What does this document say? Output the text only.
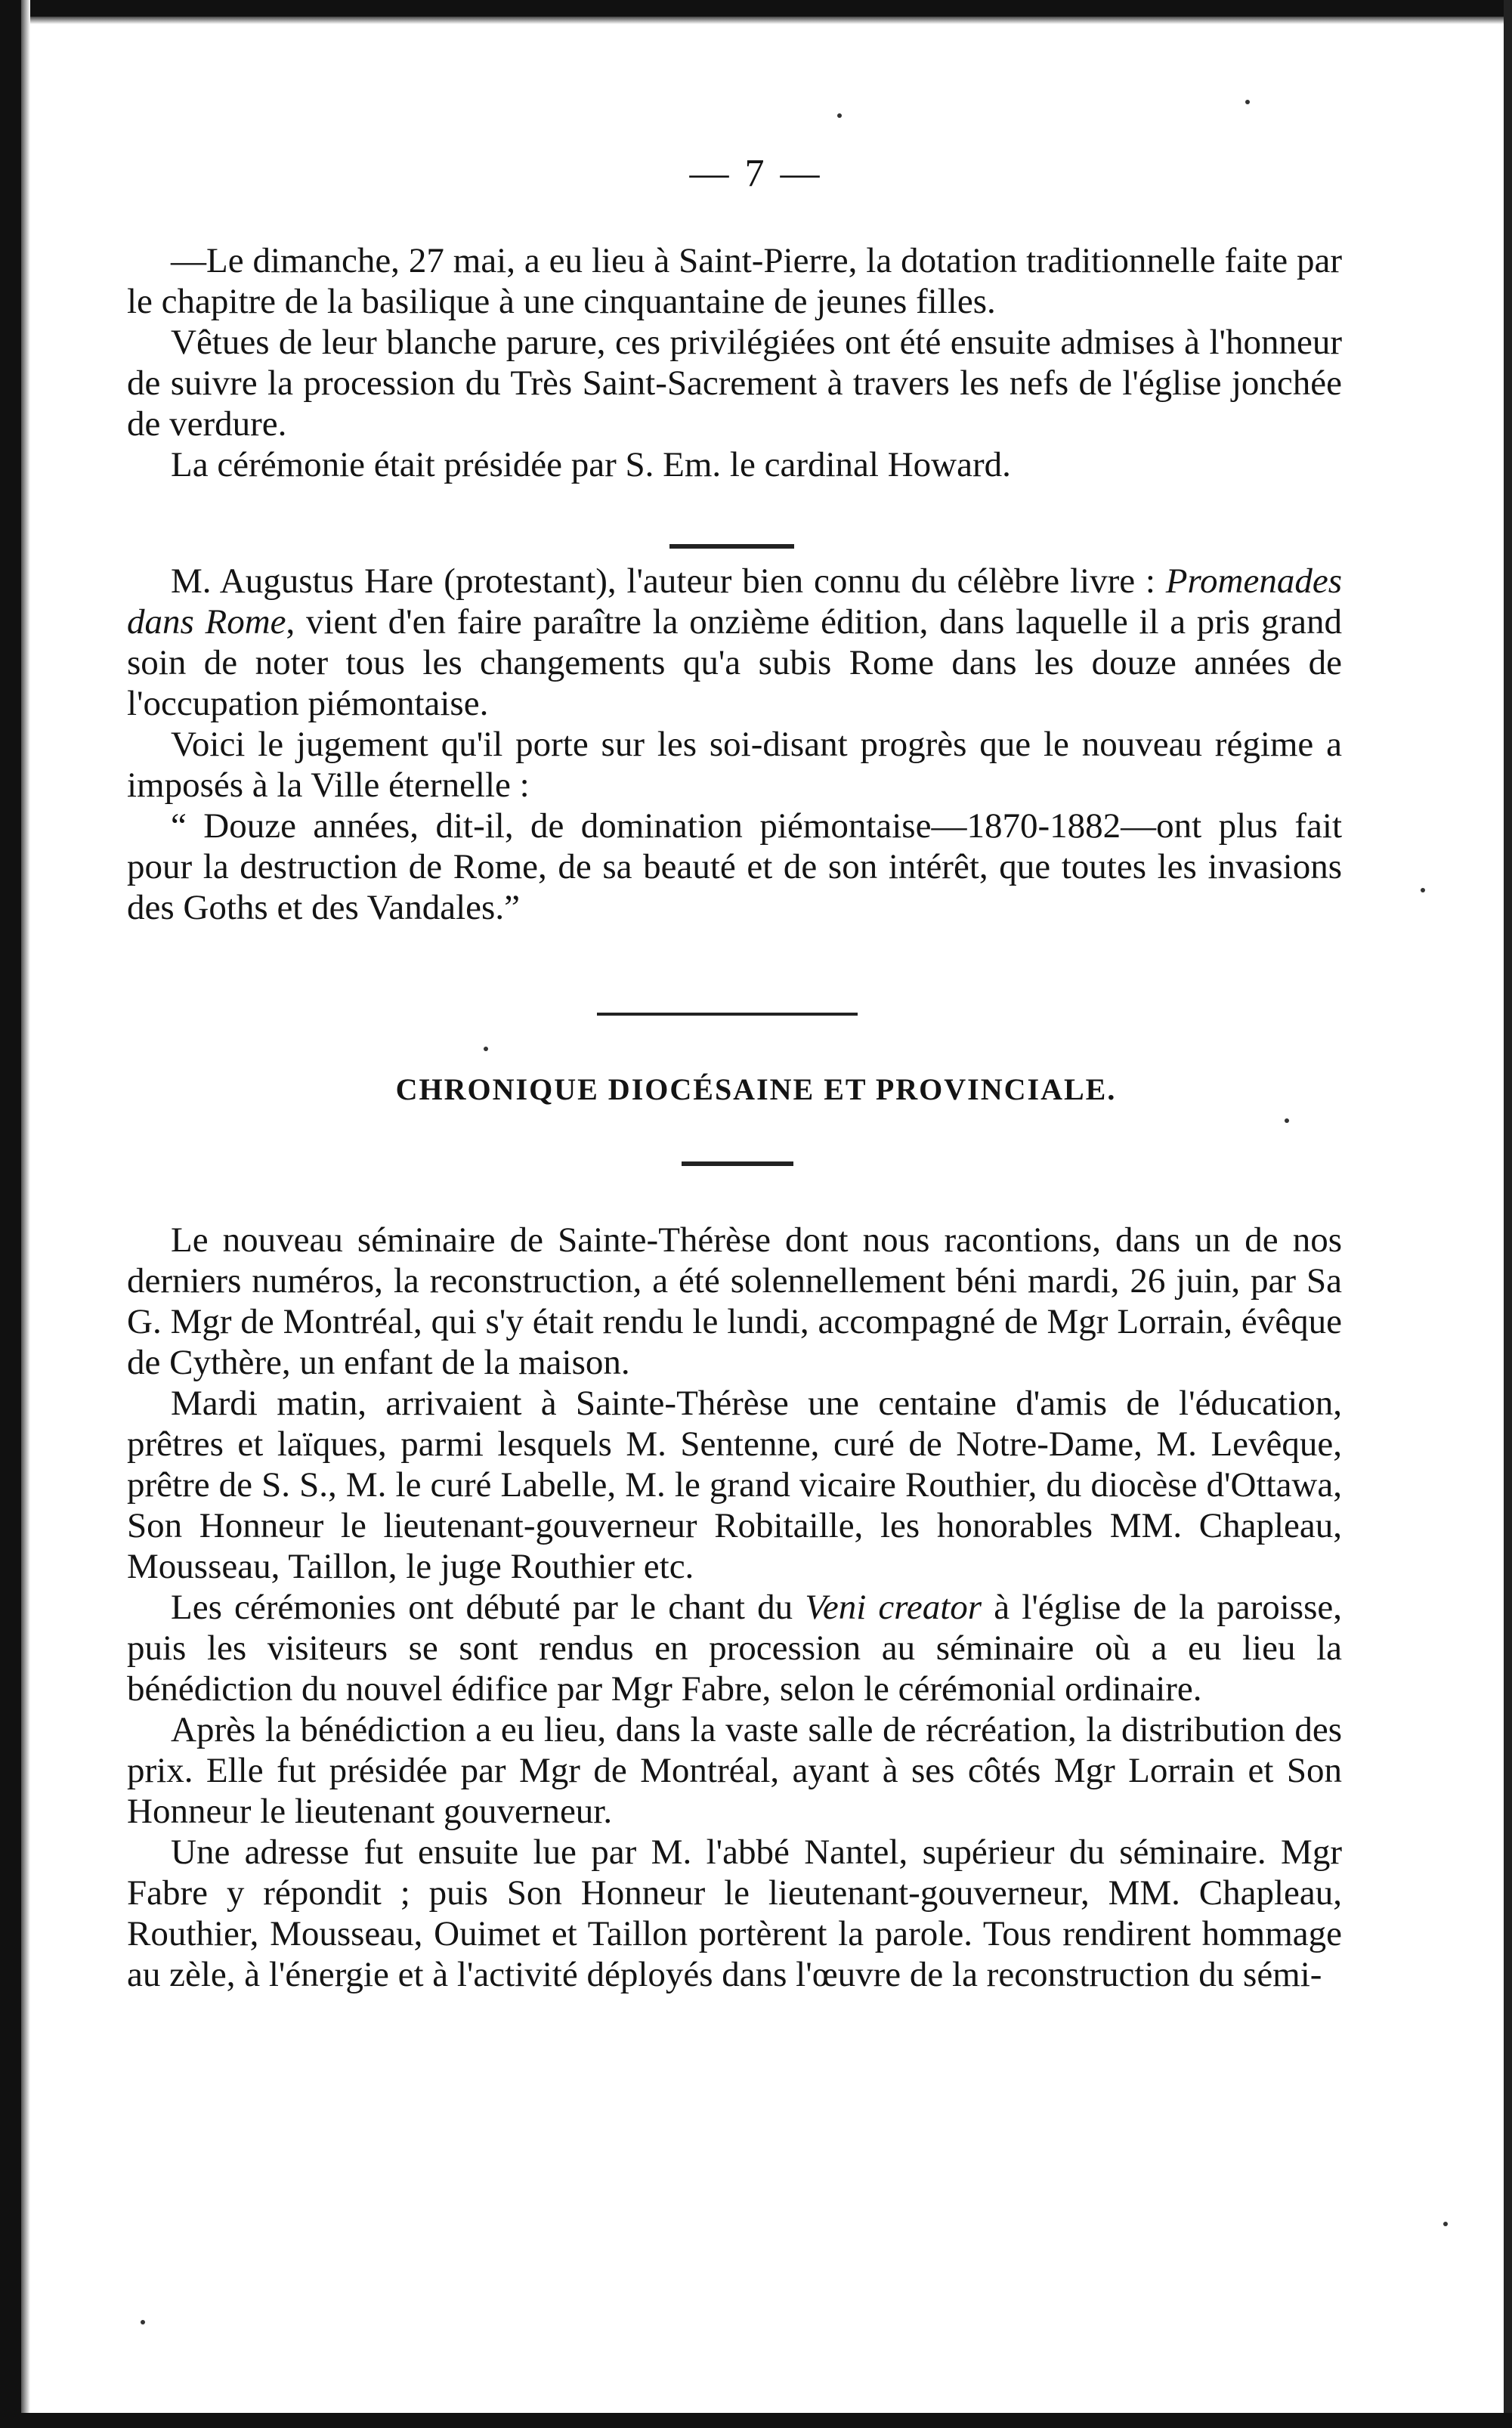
— 7 —

—Le dimanche, 27 mai, a eu lieu à Saint-Pierre, la dotation traditionnelle faite par le chapitre de la basilique à une cinquantaine de jeunes filles.

Vêtues de leur blanche parure, ces privilégiées ont été ensuite admises à l'honneur de suivre la procession du Très Saint-Sacrement à travers les nefs de l'église jonchée de verdure.

La cérémonie était présidée par S. Em. le cardinal Howard.

M. Augustus Hare (protestant), l'auteur bien connu du célèbre livre : Promenades dans Rome, vient d'en faire paraître la onzième édition, dans laquelle il a pris grand soin de noter tous les changements qu'a subis Rome dans les douze années de l'occupation piémontaise.

Voici le jugement qu'il porte sur les soi-disant progrès que le nouveau régime a imposés à la Ville éternelle :

“ Douze années, dit-il, de domination piémontaise—1870-1882—ont plus fait pour la destruction de Rome, de sa beauté et de son intérêt, que toutes les invasions des Goths et des Vandales.”

CHRONIQUE DIOCÉSAINE ET PROVINCIALE.

Le nouveau séminaire de Sainte-Thérèse dont nous racontions, dans un de nos derniers numéros, la reconstruction, a été solennellement béni mardi, 26 juin, par Sa G. Mgr de Montréal, qui s'y était rendu le lundi, accompagné de Mgr Lorrain, évêque de Cythère, un enfant de la maison.

Mardi matin, arrivaient à Sainte-Thérèse une centaine d'amis de l'éducation, prêtres et laïques, parmi lesquels M. Sentenne, curé de Notre-Dame, M. Levêque, prêtre de S. S., M. le curé Labelle, M. le grand vicaire Routhier, du diocèse d'Ottawa, Son Honneur le lieutenant-gouverneur Robitaille, les honorables MM. Chapleau, Mousseau, Taillon, le juge Routhier etc.

Les cérémonies ont débuté par le chant du Veni creator à l'église de la paroisse, puis les visiteurs se sont rendus en procession au séminaire où a eu lieu la bénédiction du nouvel édifice par Mgr Fabre, selon le cérémonial ordinaire.

Après la bénédiction a eu lieu, dans la vaste salle de récréation, la distribution des prix. Elle fut présidée par Mgr de Montréal, ayant à ses côtés Mgr Lorrain et Son Honneur le lieutenant gouverneur.

Une adresse fut ensuite lue par M. l'abbé Nantel, supérieur du séminaire. Mgr Fabre y répondit ; puis Son Honneur le lieutenant-gouverneur, MM. Chapleau, Routhier, Mousseau, Ouimet et Taillon portèrent la parole. Tous rendirent hommage au zèle, à l'énergie et à l'activité déployés dans l'œuvre de la reconstruction du sémi-
